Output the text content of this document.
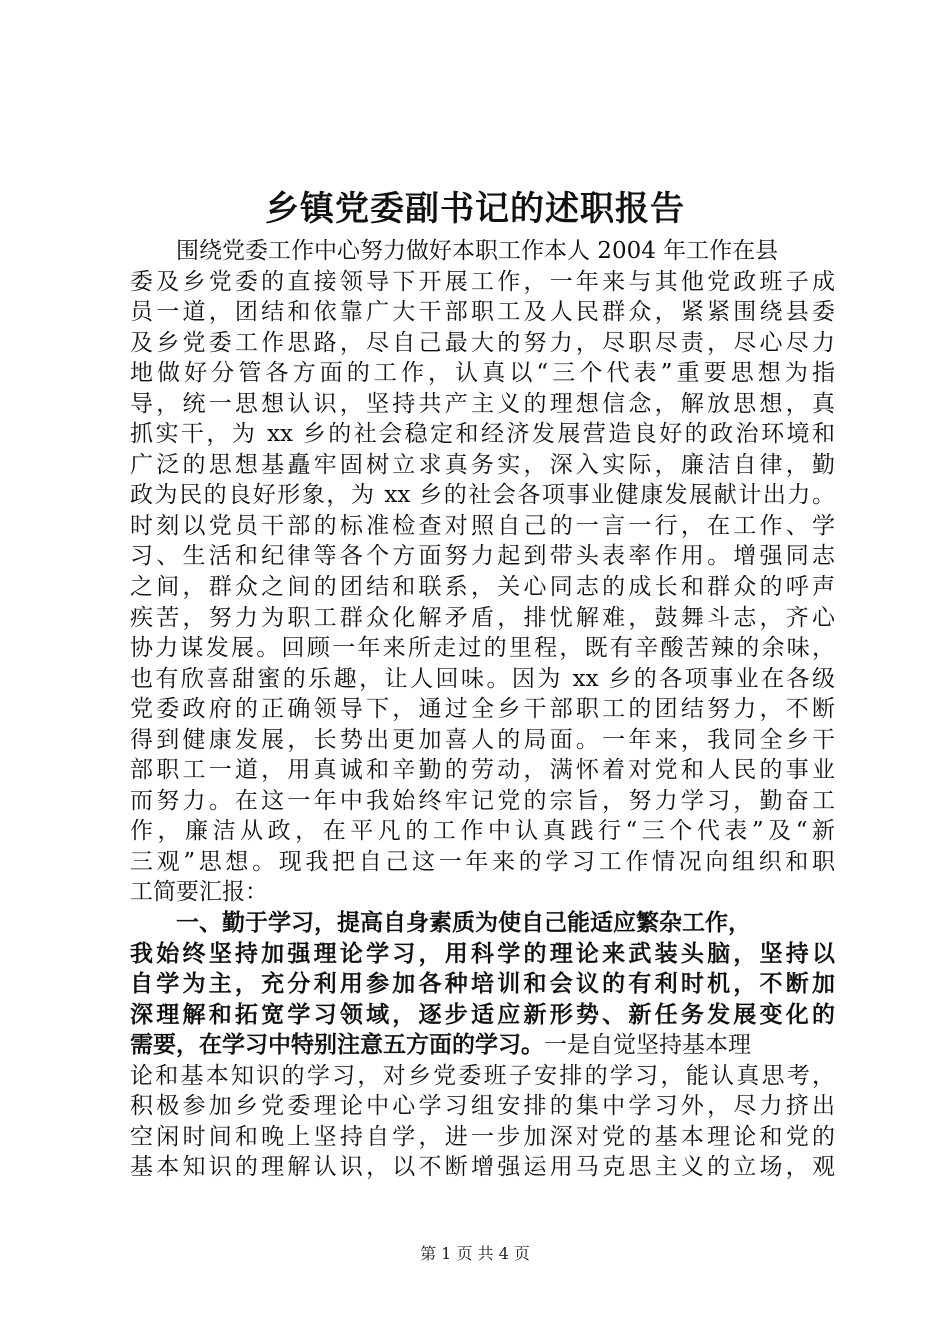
乡镇党委副书记的述职报告
围绕党委工作中心努力做好本职工作本人 2004 年工作在县
委及乡党委的直接领导下开展工作，一年来与其他党政班子成
员一道，团结和依靠广大干部职工及人民群众，紧紧围绕县委
及乡党委工作思路，尽自己最大的努力，尽职尽责，尽心尽力
地做好分管各方面的工作，认真以“三个代表”重要思想为指
导，统一思想认识，坚持共产主义的理想信念，解放思想，真
抓实干，为 xx 乡的社会稳定和经济发展营造良好的政治环境和
广泛的思想基矗牢固树立求真务实，深入实际，廉洁自律，勤
政为民的良好形象，为 xx 乡的社会各项事业健康发展献计出力。
时刻以党员干部的标准检查对照自己的一言一行，在工作、学
习、生活和纪律等各个方面努力起到带头表率作用。增强同志
之间，群众之间的团结和联系，关心同志的成长和群众的呼声
疾苦，努力为职工群众化解矛盾，排忧解难，鼓舞斗志，齐心
协力谋发展。回顾一年来所走过的里程，既有辛酸苦辣的余味，
也有欣喜甜蜜的乐趣，让人回味。因为 xx 乡的各项事业在各级
党委政府的正确领导下，通过全乡干部职工的团结努力，不断
得到健康发展，长势出更加喜人的局面。一年来，我同全乡干
部职工一道，用真诚和辛勤的劳动，满怀着对党和人民的事业
而努力。在这一年中我始终牢记党的宗旨，努力学习，勤奋工
作，廉洁从政，在平凡的工作中认真践行“三个代表”及“新
三观”思想。现我把自己这一年来的学习工作情况向组织和职
工简要汇报：
一、勤于学习，提高自身素质为使自己能适应繁杂工作，
我始终坚持加强理论学习，用科学的理论来武装头脑，坚持以
自学为主，充分利用参加各种培训和会议的有利时机，不断加
深理解和拓宽学习领域，逐步适应新形势、新任务发展变化的
需要，在学习中特别注意五方面的学习。一是自觉坚持基本理
论和基本知识的学习，对乡党委班子安排的学习，能认真思考，
积极参加乡党委理论中心学习组安排的集中学习外，尽力挤出
空闲时间和晚上坚持自学，进一步加深对党的基本理论和党的
基本知识的理解认识，以不断增强运用马克思主义的立场，观
第 1 页 共 4 页
